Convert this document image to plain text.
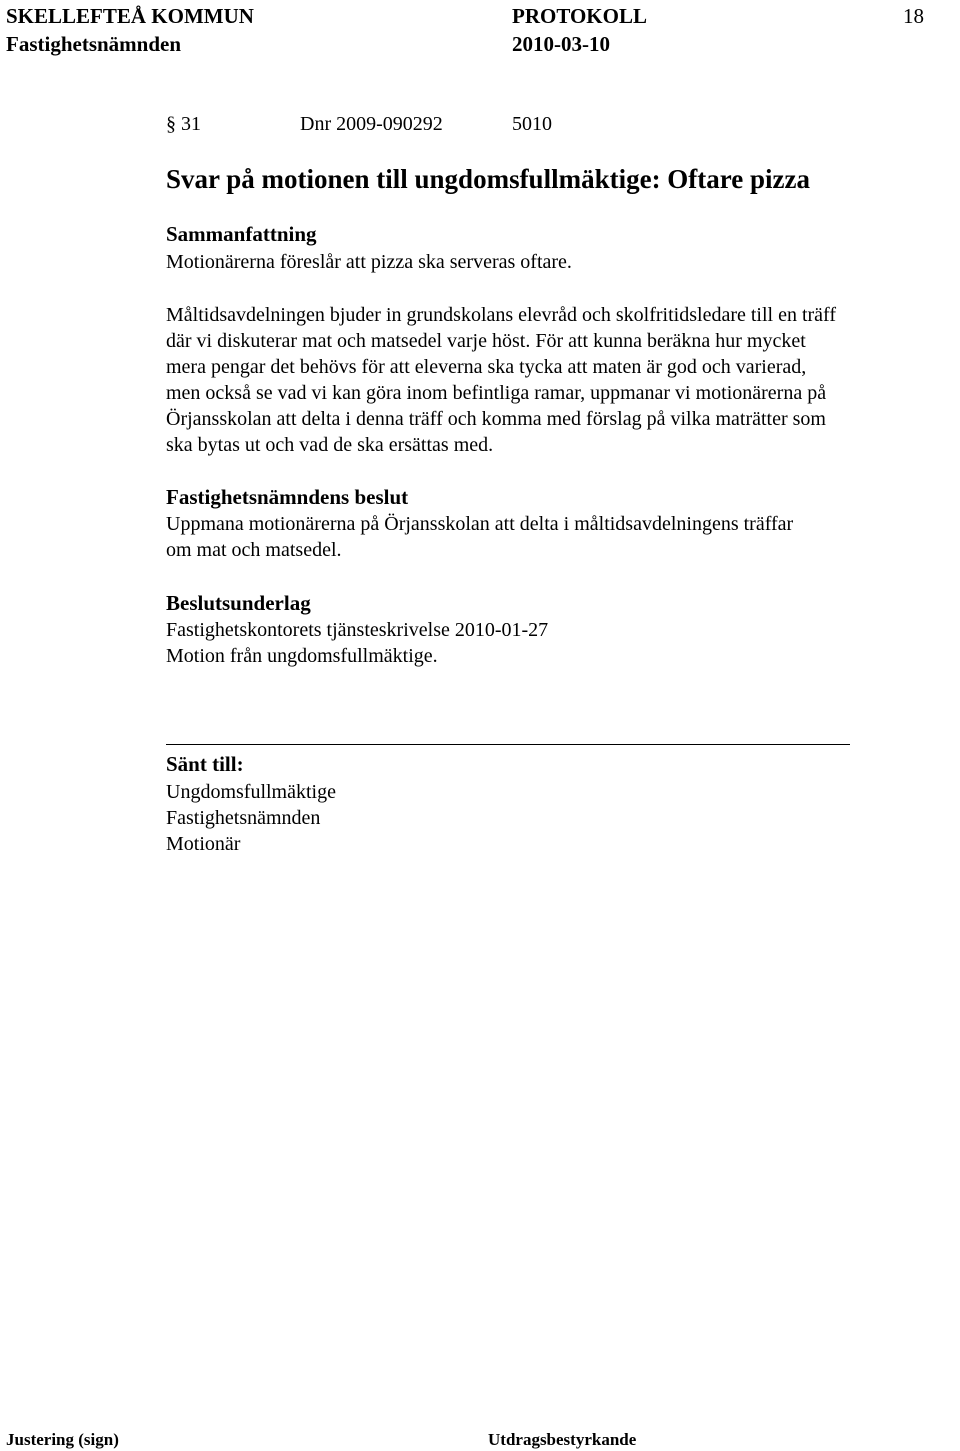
SKELLEFTEÅ KOMMUN
Fastighetsnämnden
PROTOKOLL
2010-03-10
18
§ 31	Dnr 2009-090292	5010
Svar på motionen till ungdomsfullmäktige: Oftare pizza
Sammanfattning
Motionärerna föreslår att pizza ska serveras oftare.
Måltidsavdelningen bjuder in grundskolans elevråd och skolfritidsledare till en träff
där vi diskuterar mat och matsedel varje höst. För att kunna beräkna hur mycket
mera pengar det behövs för att eleverna ska tycka att maten är god och varierad,
men också se vad vi kan göra inom befintliga ramar, uppmanar vi motionärerna på
Örjansskolan att delta i denna träff och komma med förslag på vilka maträtter som
ska bytas ut och vad de ska ersättas med.
Fastighetsnämndens beslut
Uppmana motionärerna på Örjansskolan att delta i måltidsavdelningens träffar
om mat och matsedel.
Beslutsunderlag
Fastighetskontorets tjänsteskrivelse 2010-01-27
Motion från ungdomsfullmäktige.
Sänt till:
Ungdomsfullmäktige
Fastighetsnämnden
Motionär
Justering (sign)	Utdragsbestyrkande
